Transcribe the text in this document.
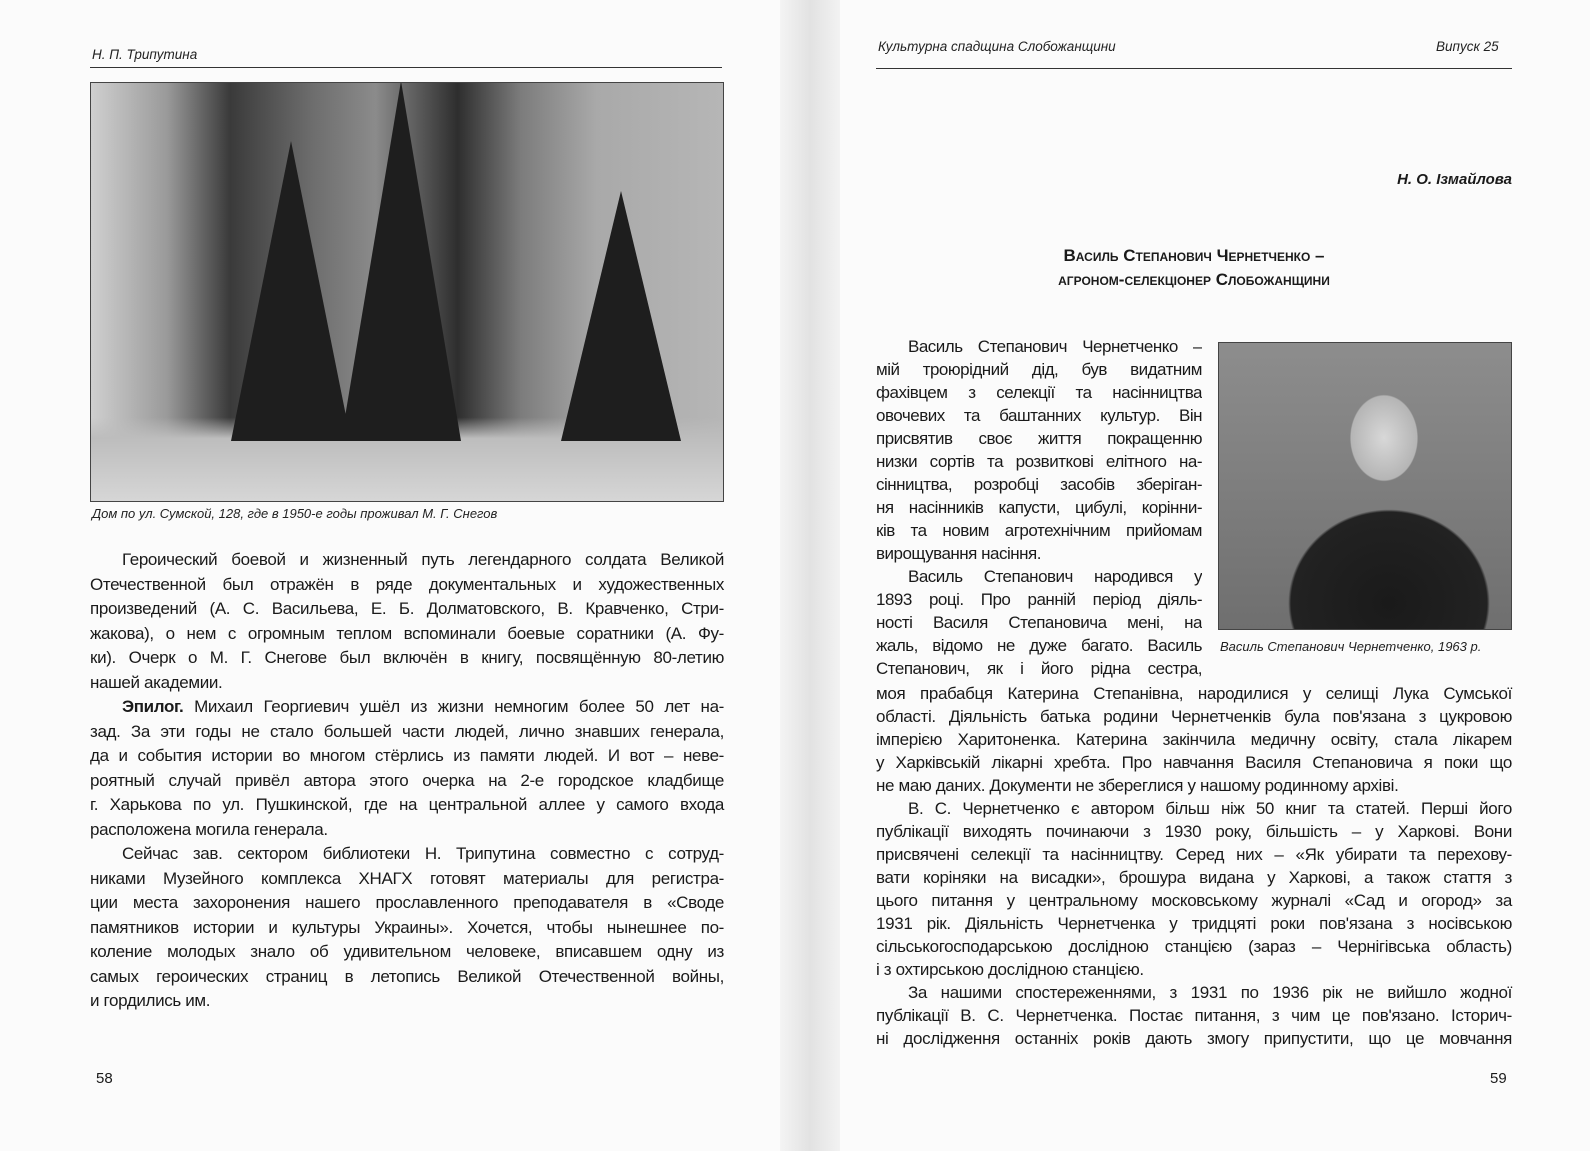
Н. П. Трипутина
Дом по ул. Сумской, 128, где в 1950-е годы проживал М. Г. Снегов
Героический боевой и жизненный путь легендарного солдата Великой
Отечественной был отражён в ряде документальных и художественных
произведений (А. С. Васильева, Е. Б. Долматовского, В. Кравченко, Стри-
жакова), о нем с огромным теплом вспоминали боевые соратники (А. Фу-
ки). Очерк о М. Г. Снегове был включён в книгу, посвящённую 80-летию
нашей академии.
Эпилог. Михаил Георгиевич ушёл из жизни немногим более 50 лет на-
зад. За эти годы не стало большей части людей, лично знавших генерала,
да и события истории во многом стёрлись из памяти людей. И вот – неве-
роятный случай привёл автора этого очерка на 2-е городское кладбище
г. Харькова по ул. Пушкинской, где на центральной аллее у самого входа
расположена могила генерала.
Сейчас зав. сектором библиотеки Н. Трипутина совместно с сотруд-
никами Музейного комплекса ХНАГХ готовят материалы для регистра-
ции места захоронения нашего прославленного преподавателя в «Своде
памятников истории и культуры Украины». Хочется, чтобы нынешнее по-
коление молодых знало об удивительном человеке, вписавшем одну из
самых героических страниц в летопись Великой Отечественной войны,
и гордились им.
58
Культурна спадщина Слобожанщини	Випуск 25
Н. О. Ізмайлова
Василь Степанович Чернетченко –
агроном-селекціонер Слобожанщини
Василь Степанович Чернетченко –
мій троюрідний дід, був видатним
фахівцем з селекції та насінництва
овочевих та баштанних культур. Він
присвятив своє життя покращенню
низки сортів та розвиткові елітного на-
сінництва, розробці засобів зберіган-
ня насінників капусти, цибулі, корінни-
ків та новим агротехнічним прийомам
вирощування насіння.
Василь Степанович народився у
1893 році. Про ранній період діяль-
ності Василя Степановича мені, на
жаль, відомо не дуже багато. Василь
Степанович, як і його рідна сестра,
Василь Степанович Чернетченко, 1963 р.
моя прабабця Катерина Степанівна, народилися у селищі Лука Сумської
області. Діяльність батька родини Чернетченків була пов'язана з цукровою
імперією Харитоненка. Катерина закінчила медичну освіту, стала лікарем
у Харківській лікарні хребта. Про навчання Василя Степановича я поки що
не маю даних. Документи не збереглися у нашому родинному архіві.
В. С. Чернетченко є автором більш ніж 50 книг та статей. Перші його
публікації виходять починаючи з 1930 року, більшість – у Харкові. Вони
присвячені селекції та насінництву. Серед них – «Як убирати та перехову-
вати коріняки на висадки», брошура видана у Харкові, а також стаття з
цього питання у центральному московському журналі «Сад и огород» за
1931 рік. Діяльність Чернетченка у тридцяті роки пов'язана з носівською
сільськогосподарською дослідною станцією (зараз – Чернігівська область)
і з охтирською дослідною станцією.
За нашими спостереженнями, з 1931 по 1936 рік не вийшло жодної
публікації В. С. Чернетченка. Постає питання, з чим це пов'язано. Історич-
ні дослідження останніх років дають змогу припустити, що це мовчання
59
